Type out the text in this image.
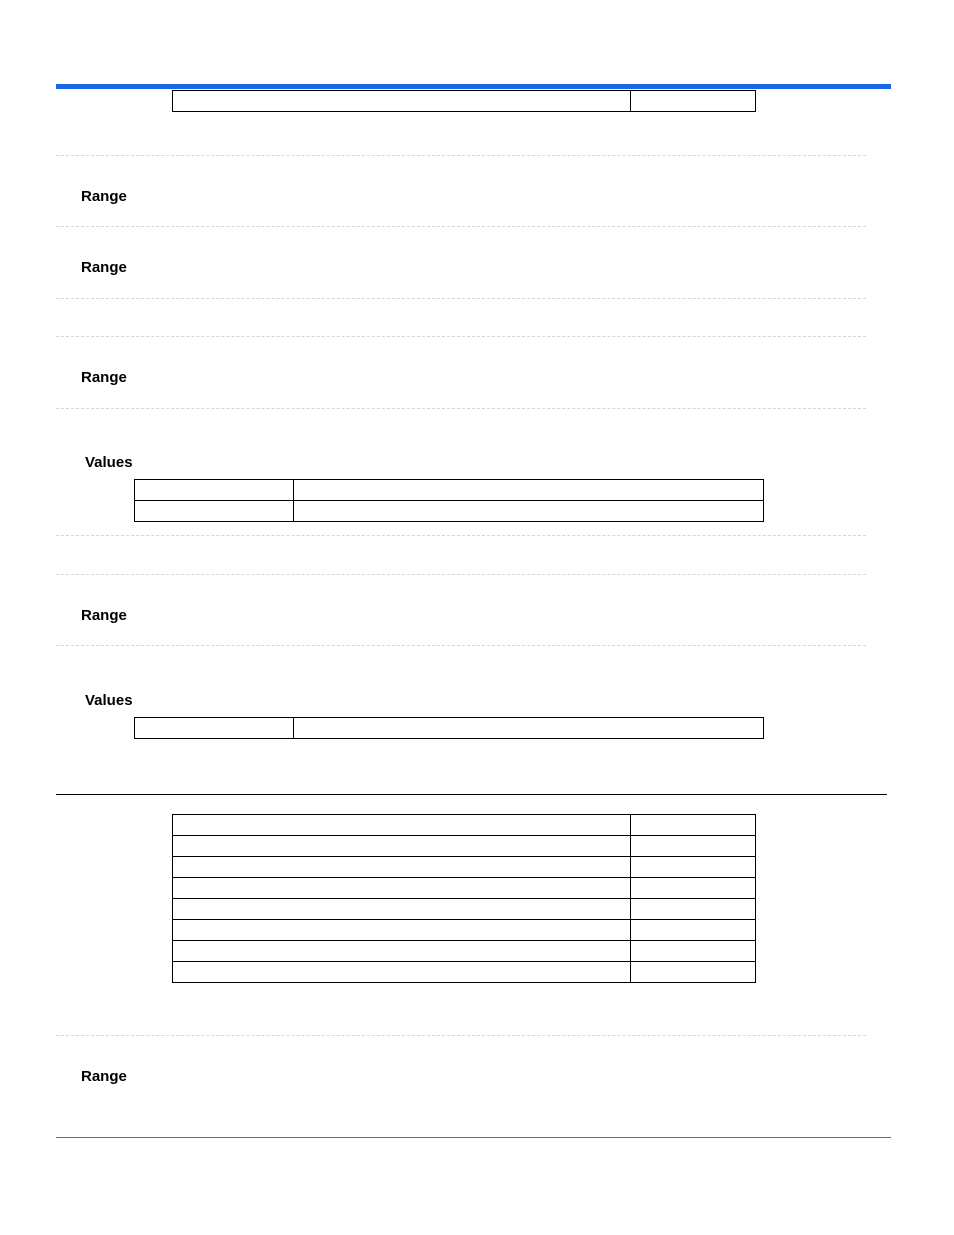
Range
Range
Range
Values

Range
Values

Range
